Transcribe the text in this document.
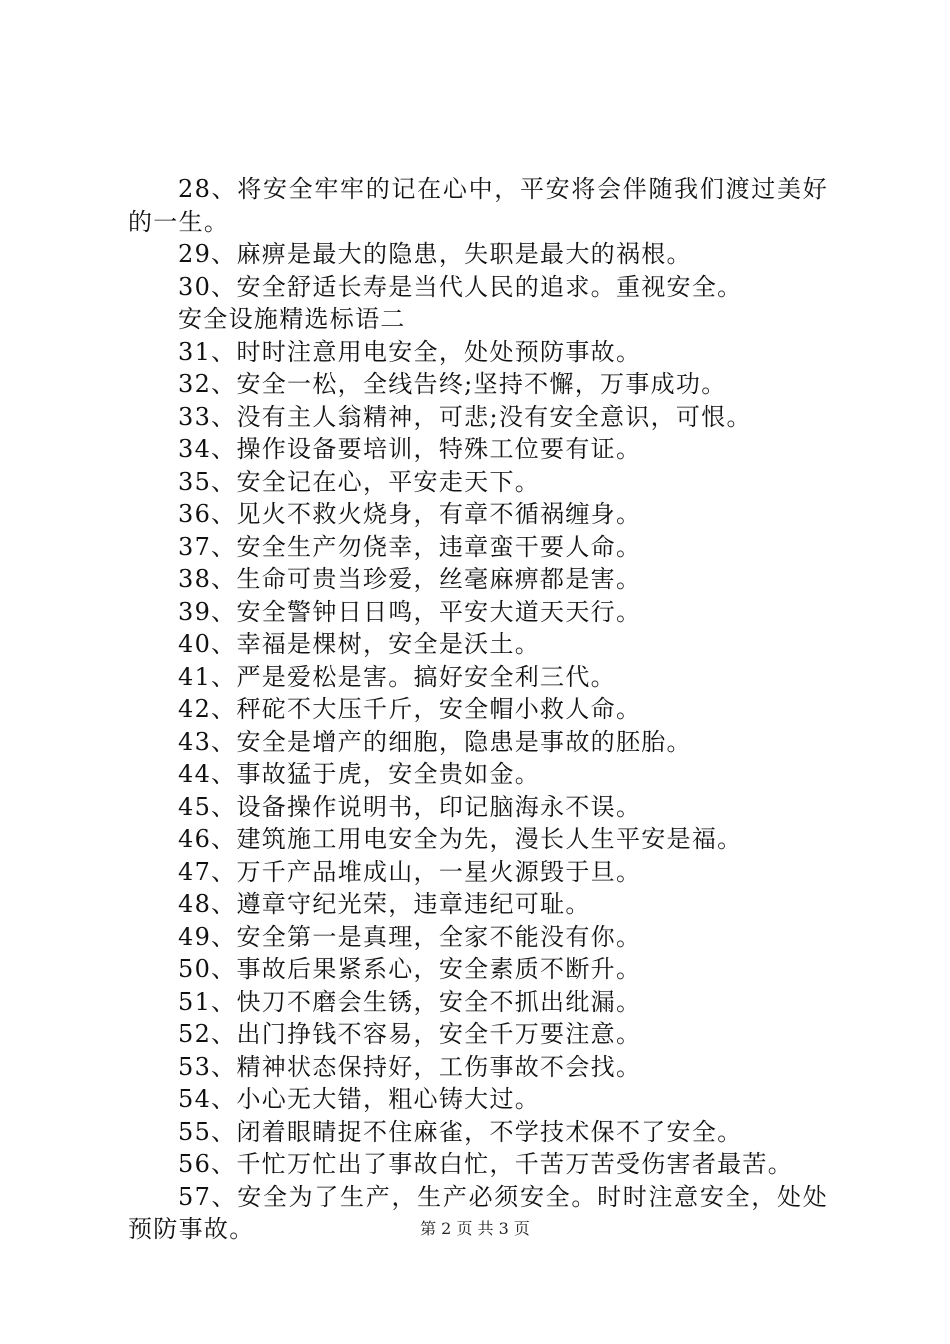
28、将安全牢牢的记在心中，平安将会伴随我们渡过美好的一生。

29、麻痹是最大的隐患，失职是最大的祸根。

30、安全舒适长寿是当代人民的追求。重视安全。

安全设施精选标语二

31、时时注意用电安全，处处预防事故。

32、安全一松，全线告终;坚持不懈，万事成功。

33、没有主人翁精神，可悲;没有安全意识，可恨。

34、操作设备要培训，特殊工位要有证。

35、安全记在心，平安走天下。

36、见火不救火烧身，有章不循祸缠身。

37、安全生产勿侥幸，违章蛮干要人命。

38、生命可贵当珍爱，丝毫麻痹都是害。

39、安全警钟日日鸣，平安大道天天行。

40、幸福是棵树，安全是沃土。

41、严是爱松是害。搞好安全利三代。

42、秤砣不大压千斤，安全帽小救人命。

43、安全是增产的细胞，隐患是事故的胚胎。

44、事故猛于虎，安全贵如金。

45、设备操作说明书，印记脑海永不误。

46、建筑施工用电安全为先，漫长人生平安是福。

47、万千产品堆成山，一星火源毁于旦。

48、遵章守纪光荣，违章违纪可耻。

49、安全第一是真理，全家不能没有你。

50、事故后果紧系心，安全素质不断升。

51、快刀不磨会生锈，安全不抓出纰漏。

52、出门挣钱不容易，安全千万要注意。

53、精神状态保持好，工伤事故不会找。

54、小心无大错，粗心铸大过。

55、闭着眼睛捉不住麻雀，不学技术保不了安全。

56、千忙万忙出了事故白忙，千苦万苦受伤害者最苦。

57、安全为了生产，生产必须安全。时时注意安全，处处预防事故。	第 2 页 共 3 页
